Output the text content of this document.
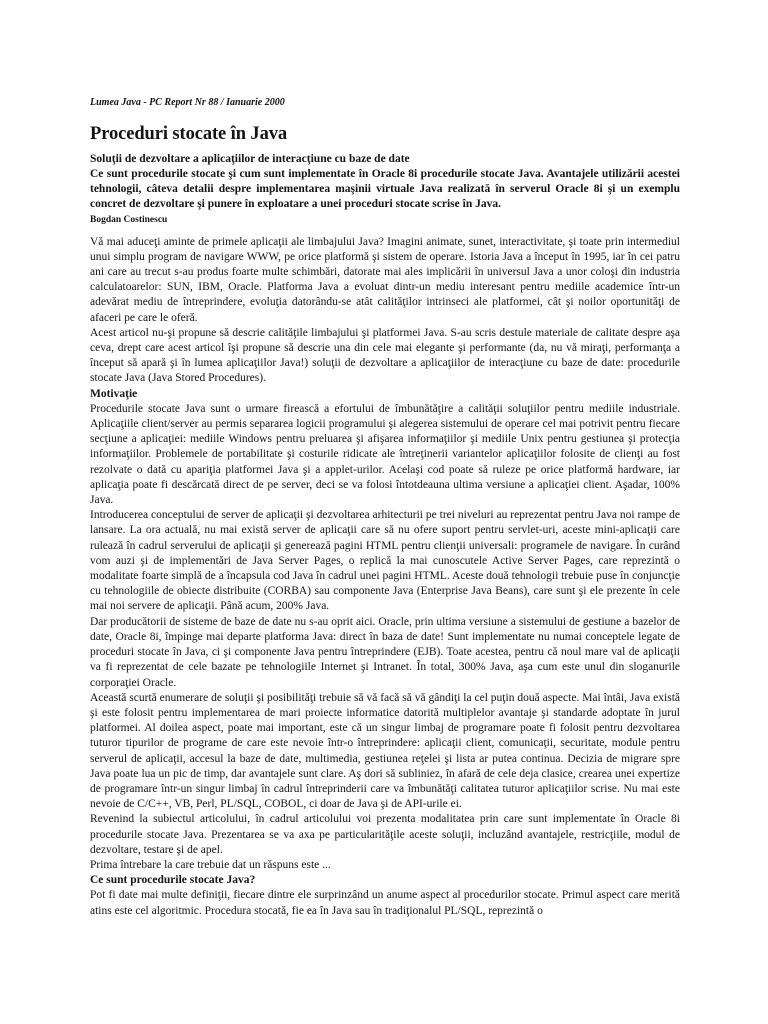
Lumea Java - PC Report Nr 88 / Ianuarie 2000
Proceduri stocate în Java
Soluţii de dezvoltare a aplicaţiilor de interacţiune cu baze de date
Ce sunt procedurile stocate şi cum sunt implementate în Oracle 8i procedurile stocate Java. Avantajele utilizării acestei tehnologii, câteva detalii despre implementarea maşinii virtuale Java realizată în serverul Oracle 8i şi un exemplu concret de dezvoltare şi punere în exploatare a unei proceduri stocate scrise în Java.
Bogdan Costinescu

Vă mai aduceţi aminte de primele aplicaţii ale limbajului Java? Imagini animate, sunet, interactivitate, şi toate prin intermediul unui simplu program de navigare WWW, pe orice platformă şi sistem de operare. Istoria Java a început în 1995, iar în cei patru ani care au trecut s-au produs foarte multe schimbări, datorate mai ales implicării în universul Java a unor coloşi din industria calculatoarelor: SUN, IBM, Oracle. Platforma Java a evoluat dintr-un mediu interesant pentru mediile academice într-un adevărat mediu de întreprindere, evoluţia datorându-se atât calităţilor intrinseci ale platformei, cât şi noilor oportunităţi de afaceri pe care le oferă.

Acest articol nu-şi propune să descrie calităţile limbajului şi platformei Java. S-au scris destule materiale de calitate despre aşa ceva, drept care acest articol îşi propune să descrie una din cele mai elegante şi performante (da, nu vă miraţi, performanţa a început să apară şi în lumea aplicaţiilor Java!) soluţii de dezvoltare a aplicaţiilor de interacţiune cu baze de date: procedurile stocate Java (Java Stored Procedures).

Motivaţie

Procedurile stocate Java sunt o urmare firească a efortului de îmbunătăţire a calităţii soluţiilor pentru mediile industriale. Aplicaţiile client/server au permis separarea logicii programului şi alegerea sistemului de operare cel mai potrivit pentru fiecare secţiune a aplicaţiei: mediile Windows pentru preluarea şi afişarea informaţiilor şi mediile Unix pentru gestiunea şi protecţia informaţiilor. Problemele de portabilitate şi costurile ridicate ale întreţinerii variantelor aplicaţiilor folosite de clienţi au fost rezolvate o dată cu apariţia platformei Java şi a applet-urilor. Acelaşi cod poate să ruleze pe orice platformă hardware, iar aplicaţia poate fi descărcată direct de pe server, deci se va folosi întotdeauna ultima versiune a aplicaţiei client. Aşadar, 100% Java.

Introducerea conceptului de server de aplicaţii şi dezvoltarea arhitecturii pe trei niveluri au reprezentat pentru Java noi rampe de lansare. La ora actuală, nu mai există server de aplicaţii care să nu ofere suport pentru servlet-uri, aceste mini-aplicaţii care rulează în cadrul serverului de aplicaţii şi generează pagini HTML pentru clienţii universali: programele de navigare. În curând vom auzi şi de implementări de Java Server Pages, o replică la mai cunoscutele Active Server Pages, care reprezintă o modalitate foarte simplă de a încapsula cod Java în cadrul unei pagini HTML. Aceste două tehnologii trebuie puse în conjuncţie cu tehnologiile de obiecte distribuite (CORBA) sau componente Java (Enterprise Java Beans), care sunt şi ele prezente în cele mai noi servere de aplicaţii. Până acum, 200% Java.

Dar producătorii de sisteme de baze de date nu s-au oprit aici. Oracle, prin ultima versiune a sistemului de gestiune a bazelor de date, Oracle 8i, împinge mai departe platforma Java: direct în baza de date! Sunt implementate nu numai conceptele legate de proceduri stocate în Java, ci şi componente Java pentru întreprindere (EJB). Toate acestea, pentru că noul mare val de aplicaţii va fi reprezentat de cele bazate pe tehnologiile Internet şi Intranet. În total, 300% Java, aşa cum este unul din sloganurile corporaţiei Oracle.

Această scurtă enumerare de soluţii şi posibilităţi trebuie să vă facă să vă gândiţi la cel puţin două aspecte. Mai întâi, Java există şi este folosit pentru implementarea de mari proiecte informatice datorită multiplelor avantaje şi standarde adoptate în jurul platformei. Al doilea aspect, poate mai important, este că un singur limbaj de programare poate fi folosit pentru dezvoltarea tuturor tipurilor de programe de care este nevoie într-o întreprindere: aplicaţii client, comunicaţii, securitate, module pentru serverul de aplicaţii, accesul la baze de date, multimedia, gestiunea reţelei şi lista ar putea continua. Decizia de migrare spre Java poate lua un pic de timp, dar avantajele sunt clare. Aş dori să subliniez, în afară de cele deja clasice, crearea unei expertize de programare într-un singur limbaj în cadrul întreprinderii care va îmbunătăţi calitatea tuturor aplicaţiilor scrise. Nu mai este nevoie de C/C++, VB, Perl, PL/SQL, COBOL, ci doar de Java şi de API-urile ei.

Revenind la subiectul articolului, în cadrul articolului voi prezenta modalitatea prin care sunt implementate în Oracle 8i procedurile stocate Java. Prezentarea se va axa pe particularităţile aceste soluţii, incluzând avantajele, restricţiile, modul de dezvoltare, testare şi de apel.

Prima întrebare la care trebuie dat un răspuns este ...

Ce sunt procedurile stocate Java?

Pot fi date mai multe definiţii, fiecare dintre ele surprinzând un anume aspect al procedurilor stocate. Primul aspect care merită atins este cel algoritmic. Procedura stocată, fie ea în Java sau în tradiţionalul PL/SQL, reprezintă o
